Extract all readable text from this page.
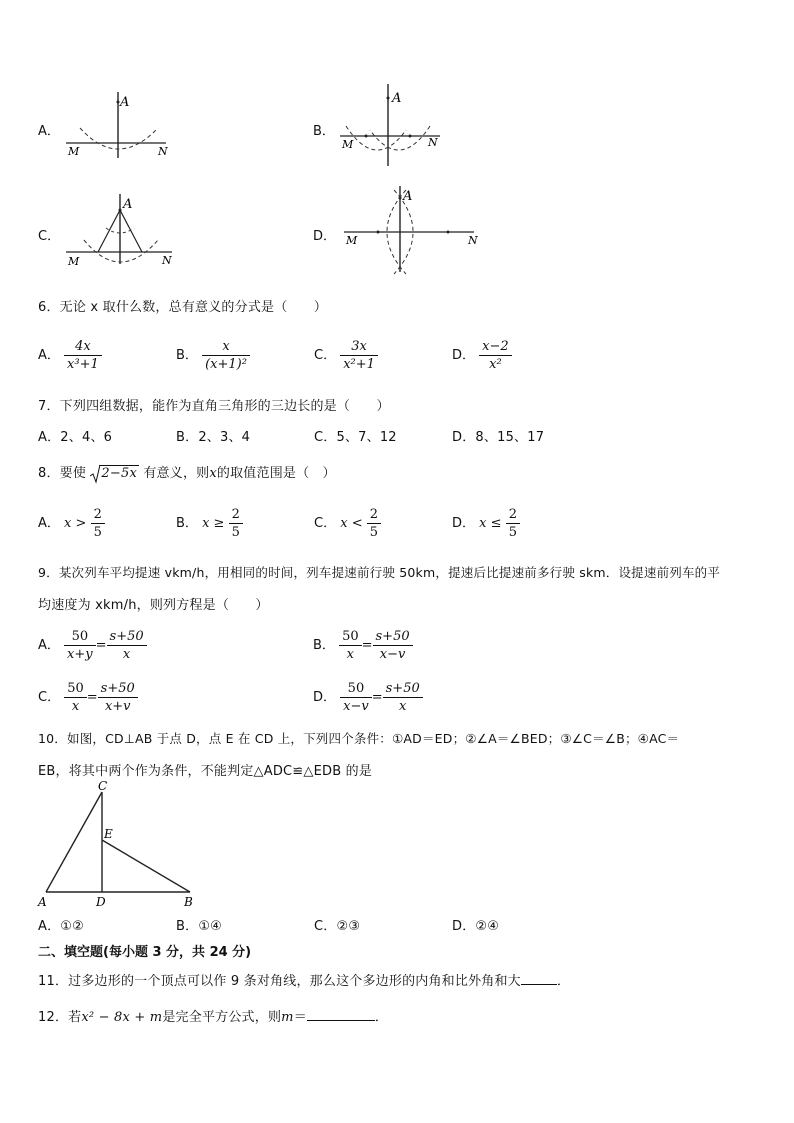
A．
A
M	N
B．
A
M	N
C．
A
M	N
D．
A
M	N
6．无论 x 取什么数，总有意义的分式是（　　）
A． $\frac{4x}{\text{x³+1}}$	B． $\frac{x}{\text{(x+1)²}}$	C． $\frac{3x}{\text{x²+1}}$	D． $\frac{x-2}{\text{x²}}$
7．下列四组数据，能作为直角三角形的三边长的是（　　）
A．2、4、6	B．2、3、4	C．5、7、12	D．8、15、17
8．要使 2−5x 有意义，则x的取值范围是（　）
A． $x > \frac{2}{5}$	B． $x \ge \frac{2}{5}$	C． $x < \frac{2}{5}$	D． $x \le \frac{2}{5}$
9．某次列车平均提速 vkm/h，用相同的时间，列车提速前行驶 50km，提速后比提速前多行驶 skm．设提速前列车的平
均速度为 xkm/h，则列方程是（　　）
A． $\frac{50}{x+y} = \frac{s+50}{x}$	B． $\frac{50}{x} = \frac{s+50}{x-v}$
C． $\frac{50}{x} = \frac{s+50}{x+v}$	D． $\frac{50}{x-v} = \frac{s+50}{x}$
10．如图，CD⊥AB 于点 D，点 E 在 CD 上，下列四个条件：①AD＝ED；②∠A＝∠BED；③∠C＝∠B；④AC＝
EB，将其中两个作为条件，不能判定△ADC≌△EDB 的是
C
E
A	D	B
A．①②	B．①④	C．②③	D．②④
二、填空题(每小题 3 分，共 24 分)
11．过多边形的一个顶点可以作 9 条对角线，那么这个多边形的内角和比外角和大	．
12．若x² − 8x + m是完全平方公式，则m＝	．
